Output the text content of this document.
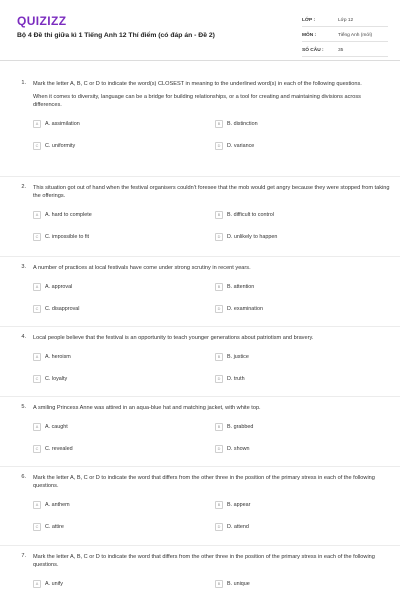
QUIZIZZ
Bộ 4 Đề thi giữa kì 1 Tiếng Anh 12 Thí điểm (có đáp án - Đề 2)
LỚP :	Lớp 12
MÔN :	Tiếng Anh (mới)
SỐ CÂU :	35
1. Mark the letter A, B, C or D to indicate the word(s) CLOSEST in meaning to the underlined word(s) in each of the following questions.
When it comes to diversity, language can be a bridge for building relationships, or a tool for creating and maintaining divisions across differences.
A	A. assimilation	B	B. distinction
C	C. uniformity	D	D. variance
2. This situation got out of hand when the festival organisers couldn't foresee that the mob would get angry because they were stopped from taking the offerings.
A	A. hard to complete	B	B. difficult to control
C	C. impossible to fit	D	D. unlikely to happen
3. A number of practices at local festivals have come under strong scrutiny in recent years.
A	A. approval	B	B. attention
C	C. disapproval	D	D. examination
4. Local people believe that the festival is an opportunity to teach younger generations about patriotism and bravery.
A	A. heroism	B	B. justice
C	C. loyalty	D	D. truth
5. A smiling Princess Anne was attired in an aqua-blue hat and matching jacket, with white top.
A	A. caught	B	B. grabbed
C	C. revealed	D	D. shown
6. Mark the letter A, B, C or D to indicate the word that differs from the other three in the position of the primary stress in each of the following questions.
A	A. anthem	B	B. appear
C	C. attire	D	D. attend
7. Mark the letter A, B, C or D to indicate the word that differs from the other three in the position of the primary stress in each of the following questions.
A	A. unify	B	B. unique
